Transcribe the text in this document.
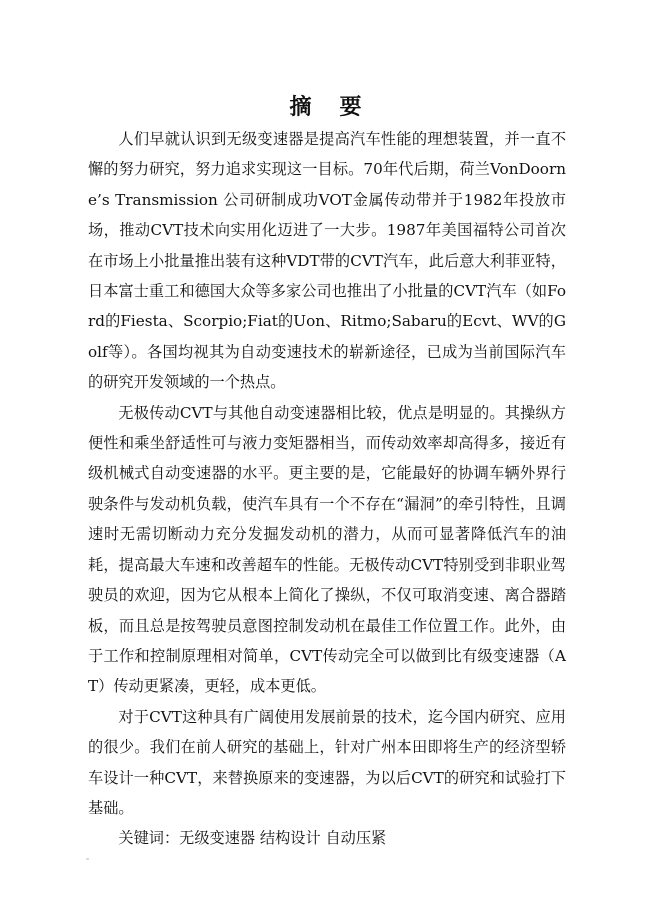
摘要

人们早就认识到无级变速器是提高汽车性能的理想装置，并一直不懈的努力研究，努力追求实现这一目标。70年代后期，荷兰VonDoorne’s Transmission 公司研制成功VOT金属传动带并于1982年投放市场，推动CVT技术向实用化迈进了一大步。1987年美国福特公司首次在市场上小批量推出装有这种VDT带的CVT汽车，此后意大利菲亚特，日本富士重工和德国大众等多家公司也推出了小批量的CVT汽车（如Ford的Fiesta、Scorpio;Fiat的Uon、Ritmo;Sabaru的Ecvt、WV的Golf等）。各国均视其为自动变速技术的崭新途径，已成为当前国际汽车的研究开发领域的一个热点。

无极传动CVT与其他自动变速器相比较，优点是明显的。其操纵方便性和乘坐舒适性可与液力变矩器相当，而传动效率却高得多，接近有级机械式自动变速器的水平。更主要的是，它能最好的协调车辆外界行驶条件与发动机负载，使汽车具有一个不存在“漏洞”的牵引特性，且调速时无需切断动力充分发掘发动机的潜力，从而可显著降低汽车的油耗，提高最大车速和改善超车的性能。无极传动CVT特别受到非职业驾驶员的欢迎，因为它从根本上简化了操纵，不仅可取消变速、离合器踏板，而且总是按驾驶员意图控制发动机在最佳工作位置工作。此外，由于工作和控制原理相对简单，CVT传动完全可以做到比有级变速器（AT）传动更紧凑，更轻，成本更低。

对于CVT这种具有广阔使用发展前景的技术，迄今国内研究、应用的很少。我们在前人研究的基础上，针对广州本田即将生产的经济型轿车设计一种CVT，来替换原来的变速器，为以后CVT的研究和试验打下基础。

关键词：无级变速器 结构设计 自动压紧
